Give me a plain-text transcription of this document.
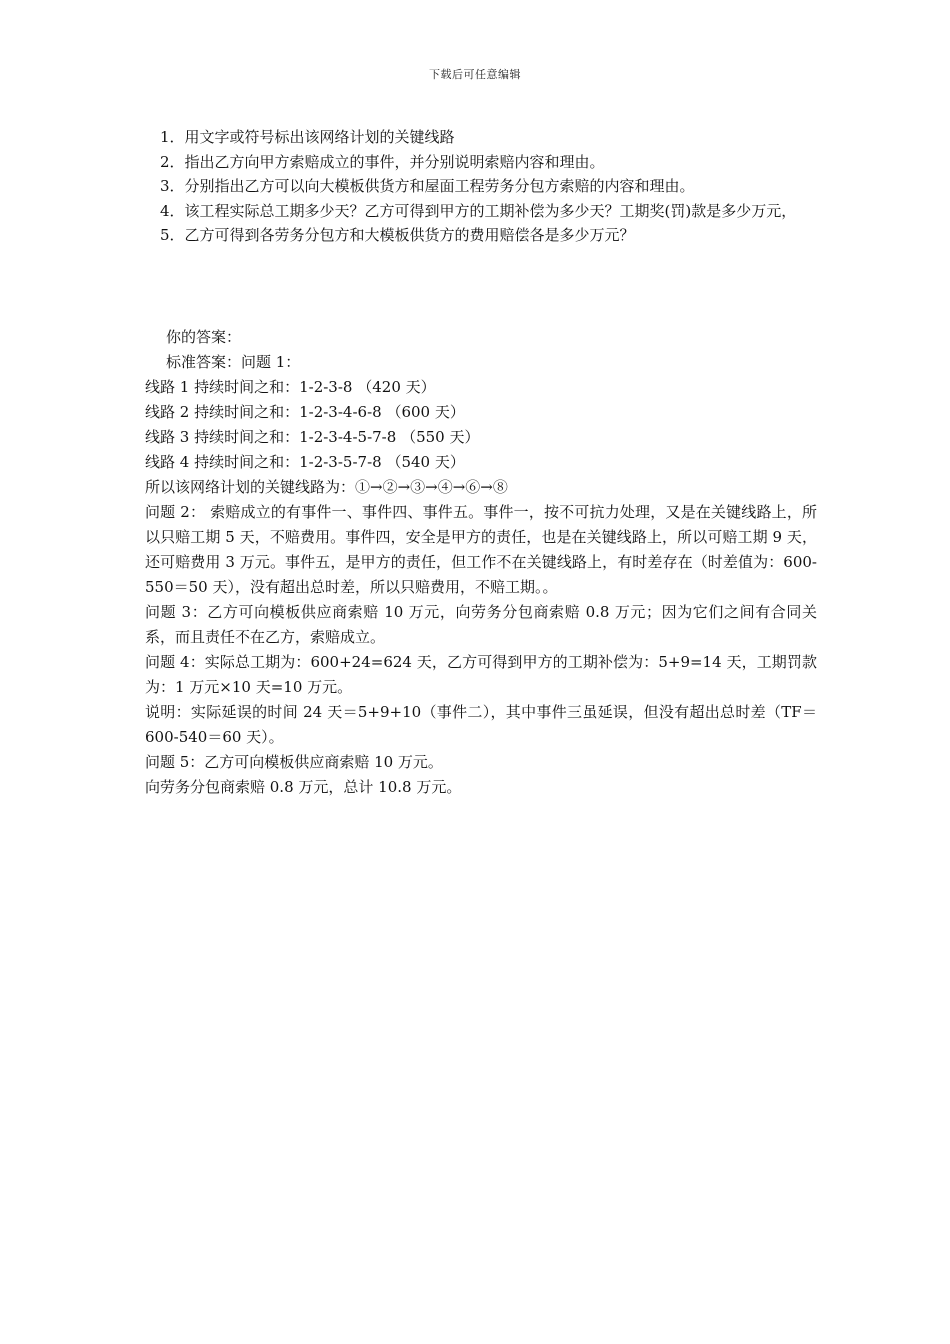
下载后可任意编辑

1．用文字或符号标出该网络计划的关键线路

2．指出乙方向甲方索赔成立的事件，并分别说明索赔内容和理由。

3．分别指出乙方可以向大模板供货方和屋面工程劳务分包方索赔的内容和理由。

4．该工程实际总工期多少天？乙方可得到甲方的工期补偿为多少天？工期奖(罚)款是多少万元，

5．乙方可得到各劳务分包方和大模板供货方的费用赔偿各是多少万元？

你的答案：

标准答案：问题 1：

线路 1 持续时间之和：1-2-3-8 （420 天）

线路 2 持续时间之和：1-2-3-4-6-8 （600 天）

线路 3 持续时间之和：1-2-3-4-5-7-8 （550 天）

线路 4 持续时间之和：1-2-3-5-7-8 （540 天）

所以该网络计划的关键线路为：①→②→③→④→⑥→⑧

问题 2： 索赔成立的有事件一、事件四、事件五。事件一，按不可抗力处理，又是在关键线路上，所以只赔工期 5 天，不赔费用。事件四，安全是甲方的责任，也是在关键线路上，所以可赔工期 9 天，还可赔费用 3 万元。事件五，是甲方的责任，但工作不在关键线路上，有时差存在（时差值为：600-550＝50 天），没有超出总时差，所以只赔费用，不赔工期。。

问题 3：乙方可向模板供应商索赔 10 万元，向劳务分包商索赔 0.8 万元；因为它们之间有合同关系，而且责任不在乙方，索赔成立。

问题 4：实际总工期为：600+24=624 天，乙方可得到甲方的工期补偿为：5+9=14 天，工期罚款为：1 万元×10 天=10 万元。

说明：实际延误的时间 24 天＝5+9+10（事件二），其中事件三虽延误，但没有超出总时差（TF＝600-540＝60 天）。

问题 5：乙方可向模板供应商索赔 10 万元。

向劳务分包商索赔 0.8 万元，总计 10.8 万元。
